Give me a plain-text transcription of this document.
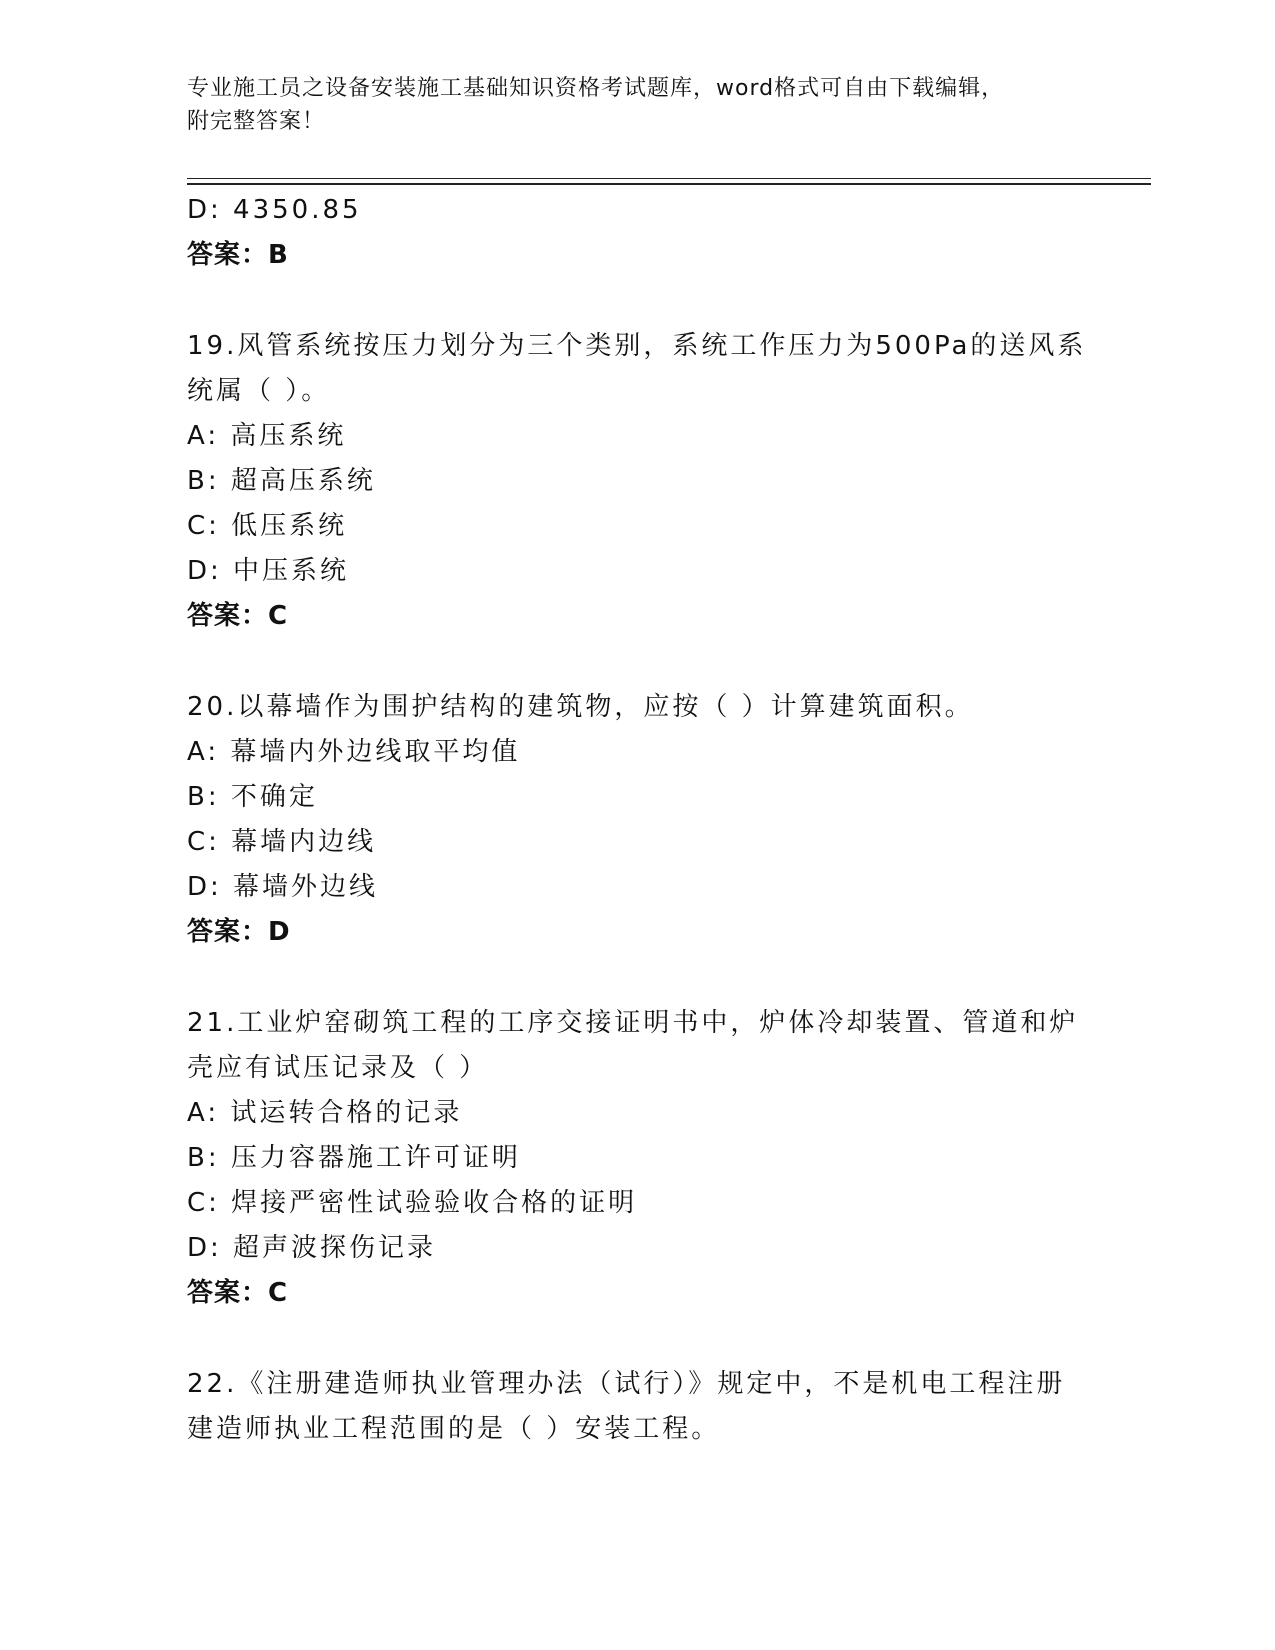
专业施工员之设备安装施工基础知识资格考试题库，word格式可自由下载编辑，
附完整答案！
D: 4350.85
答案：B
19.风管系统按压力划分为三个类别，系统工作压力为500Pa的送风系
统属（ ）。
A: 高压系统
B: 超高压系统
C: 低压系统
D: 中压系统
答案：C
20.以幕墙作为围护结构的建筑物，应按（ ）计算建筑面积。
A: 幕墙内外边线取平均值
B: 不确定
C: 幕墙内边线
D: 幕墙外边线
答案：D
21.工业炉窑砌筑工程的工序交接证明书中，炉体冷却装置、管道和炉
壳应有试压记录及（ ）
A: 试运转合格的记录
B: 压力容器施工许可证明
C: 焊接严密性试验验收合格的证明
D: 超声波探伤记录
答案：C
22.《注册建造师执业管理办法（试行）》规定中，不是机电工程注册
建造师执业工程范围的是（ ）安装工程。
